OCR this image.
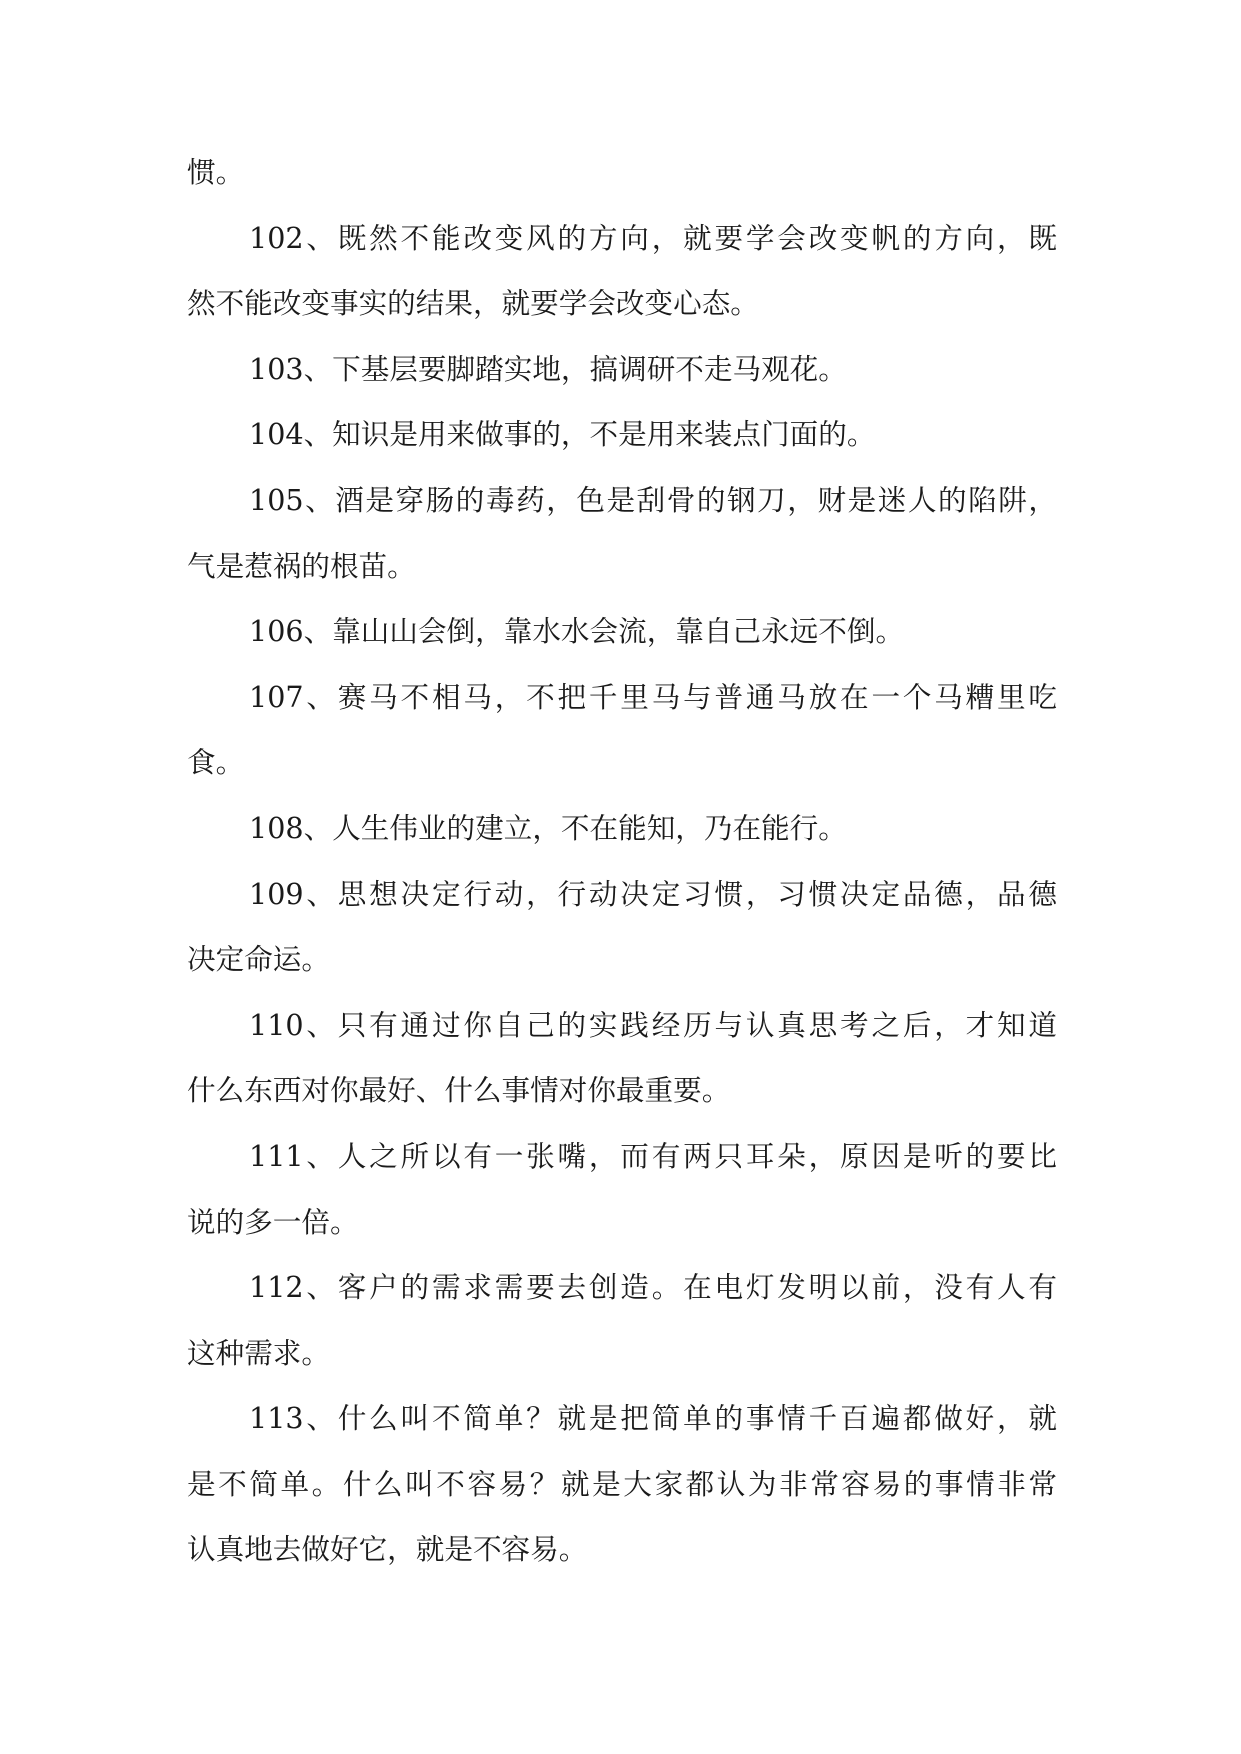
惯。
102、既然不能改变风的方向，就要学会改变帆的方向，既
然不能改变事实的结果，就要学会改变心态。
103、下基层要脚踏实地，搞调研不走马观花。
104、知识是用来做事的，不是用来装点门面的。
105、酒是穿肠的毒药，色是刮骨的钢刀，财是迷人的陷阱，
气是惹祸的根苗。
106、靠山山会倒，靠水水会流，靠自己永远不倒。
107、赛马不相马，不把千里马与普通马放在一个马糟里吃
食。
108、人生伟业的建立，不在能知，乃在能行。
109、思想决定行动，行动决定习惯，习惯决定品德，品德
决定命运。
110、只有通过你自己的实践经历与认真思考之后，才知道
什么东西对你最好、什么事情对你最重要。
111、人之所以有一张嘴，而有两只耳朵，原因是听的要比
说的多一倍。
112、客户的需求需要去创造。在电灯发明以前，没有人有
这种需求。
113、什么叫不简单？就是把简单的事情千百遍都做好，就
是不简单。什么叫不容易？就是大家都认为非常容易的事情非常
认真地去做好它，就是不容易。
